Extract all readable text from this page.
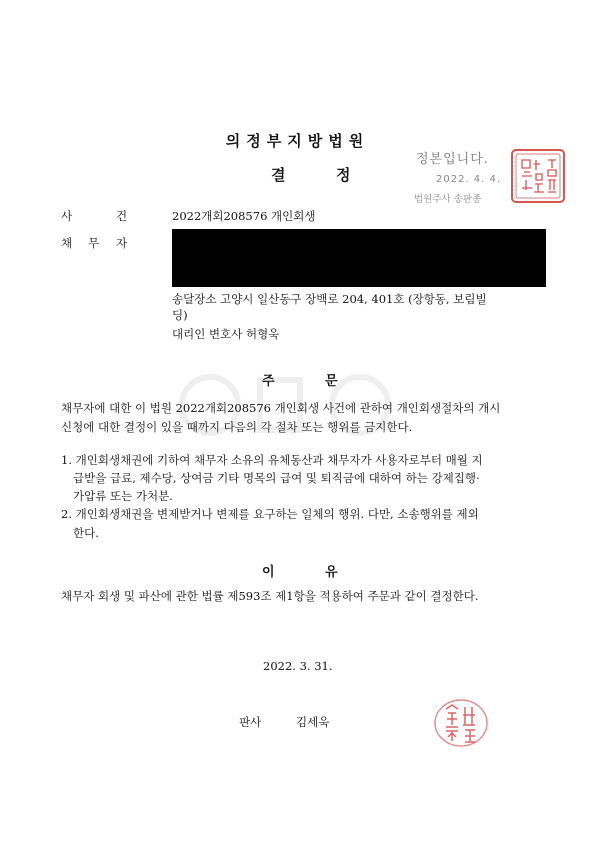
의정부지방법원
결	정
정본입니다.
2022. 4. 4.
법원주사 송판종
사	건	2022개회208576 개인회생
채 무 자
송달장소 고양시 일산동구 장백로 204, 401호 (장항동, 보림빌
딩)
대리인 변호사 허형욱
주	문
채무자에 대한 이 법원 2022개회208576 개인회생 사건에 관하여 개인회생절차의 개시
신청에 대한 결정이 있을 때까지 다음의 각 절차 또는 행위를 금지한다.
1. 개인회생채권에 기하여 채무자 소유의 유체동산과 채무자가 사용자로부터 매월 지
급받을 급료, 제수당, 상여금 기타 명목의 급여 및 퇴직금에 대하여 하는 강제집행·
가압류 또는 가처분.
2. 개인회생채권을 변제받거나 변제를 요구하는 일체의 행위. 다만, 소송행위를 제외
한다.
이	유
채무자 회생 및 파산에 관한 법률 제593조 제1항을 적용하여 주문과 같이 결정한다.
2022. 3. 31.
판사	김세욱
